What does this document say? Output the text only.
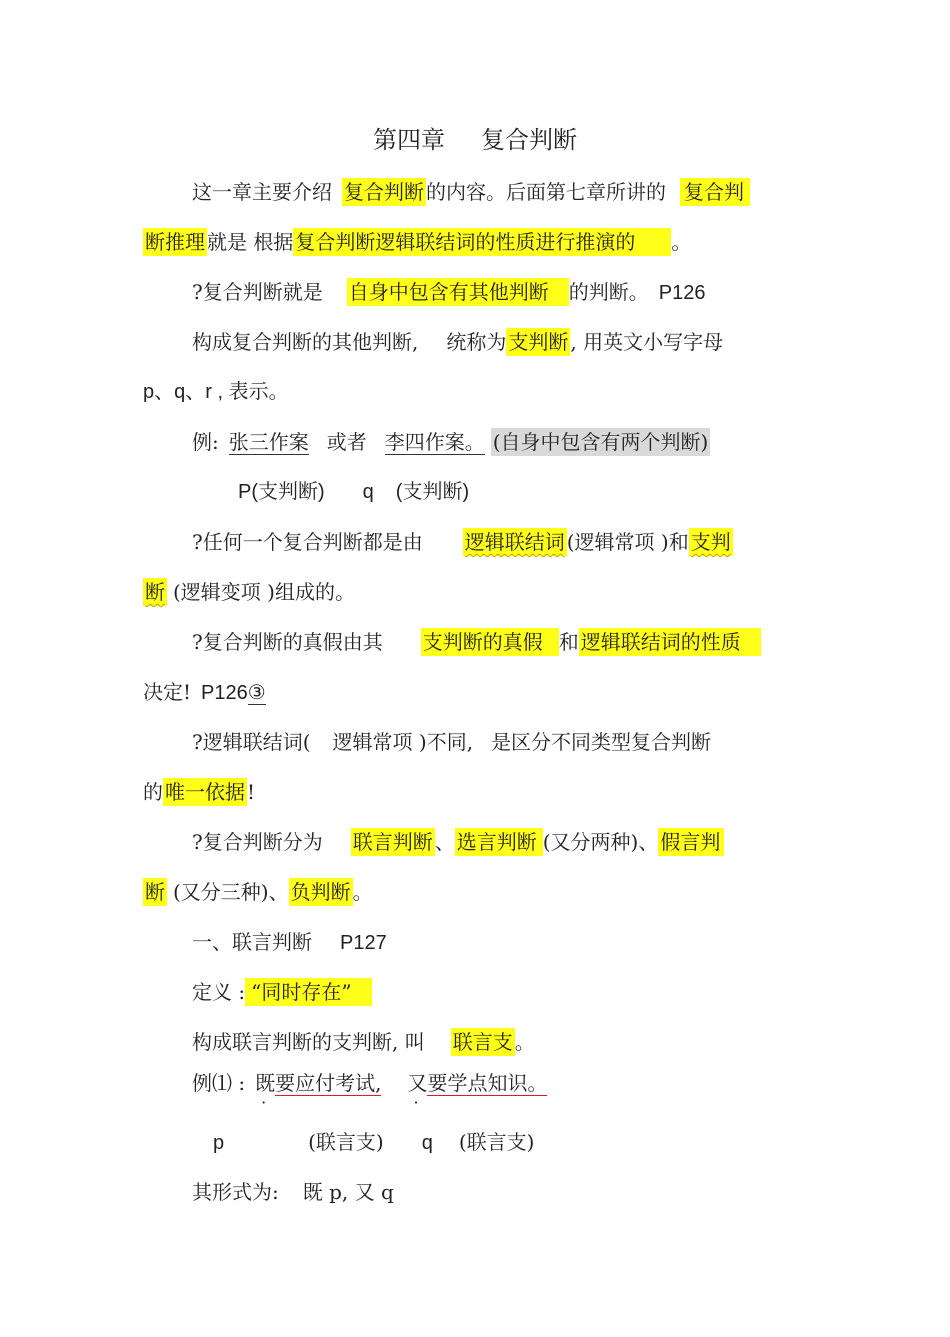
第四章 复合判断
这一章主要介绍 复合判断 的内容。后面第七章所讲的 复合判
断推理 就是 根据 复合判断逻辑联结词的性质进行推演的 。
?复合判断就是 自身中包含有其他判断 的判断。 P126
构成复合判断的其他判断, 统称为 支判断 , 用英文小写字母
p、q、r , 表示。
例: 张三作案 或者 李四作案。 (自身中包含有两个判断)
P(支判断) q (支判断)
?任何一个复合判断都是由 逻辑联结词 (逻辑常项 )和 支判
断 (逻辑变项 )组成的。
?复合判断的真假由其 支判断的真假 和 逻辑联结词的性质
决定! P126③
?逻辑联结词( 逻辑常项 )不同, 是区分不同类型复合判断
的 唯一依据 !
?复合判断分为 联言判断 、 选言判断 (又分两种)、 假言判
断 (又分三种)、 负判断 。
一、联言判断 P127
定义 : “同时存在”
构成联言判断的支判断, 叫 联言支 。
例⑴ : 既要应付考试, 又要学点知识。
p	(联言支) q (联言支)
其形式为: 既 p, 又 q
